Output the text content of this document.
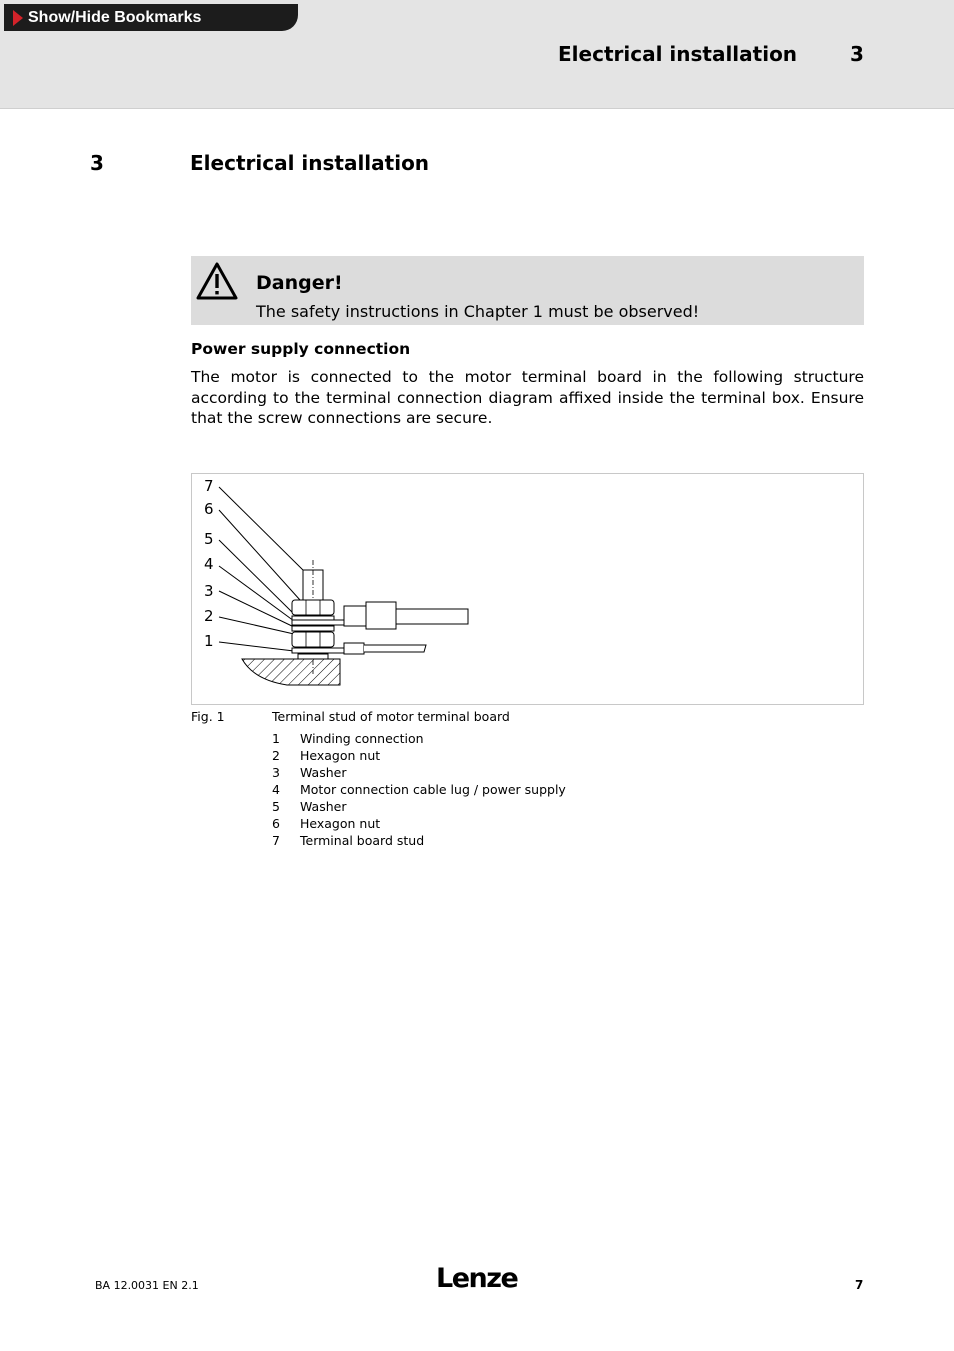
Show/Hide Bookmarks
Electrical installation	3
3	Electrical installation
Danger!
The safety instructions in Chapter 1 must be observed!
Power supply connection
The motor is connected to the motor terminal board in the following structure according to the terminal connection diagram affixed inside the terminal box. Ensure that the screw connections are secure.
7
6
5
4
3
2
1
Fig. 1	Terminal stud of motor terminal board
1	Winding connection
2	Hexagon nut
3	Washer
4	Motor connection cable lug / power supply
5	Washer
6	Hexagon nut
7	Terminal board stud
BA 12.0031 EN 2.1	Lenze	7
